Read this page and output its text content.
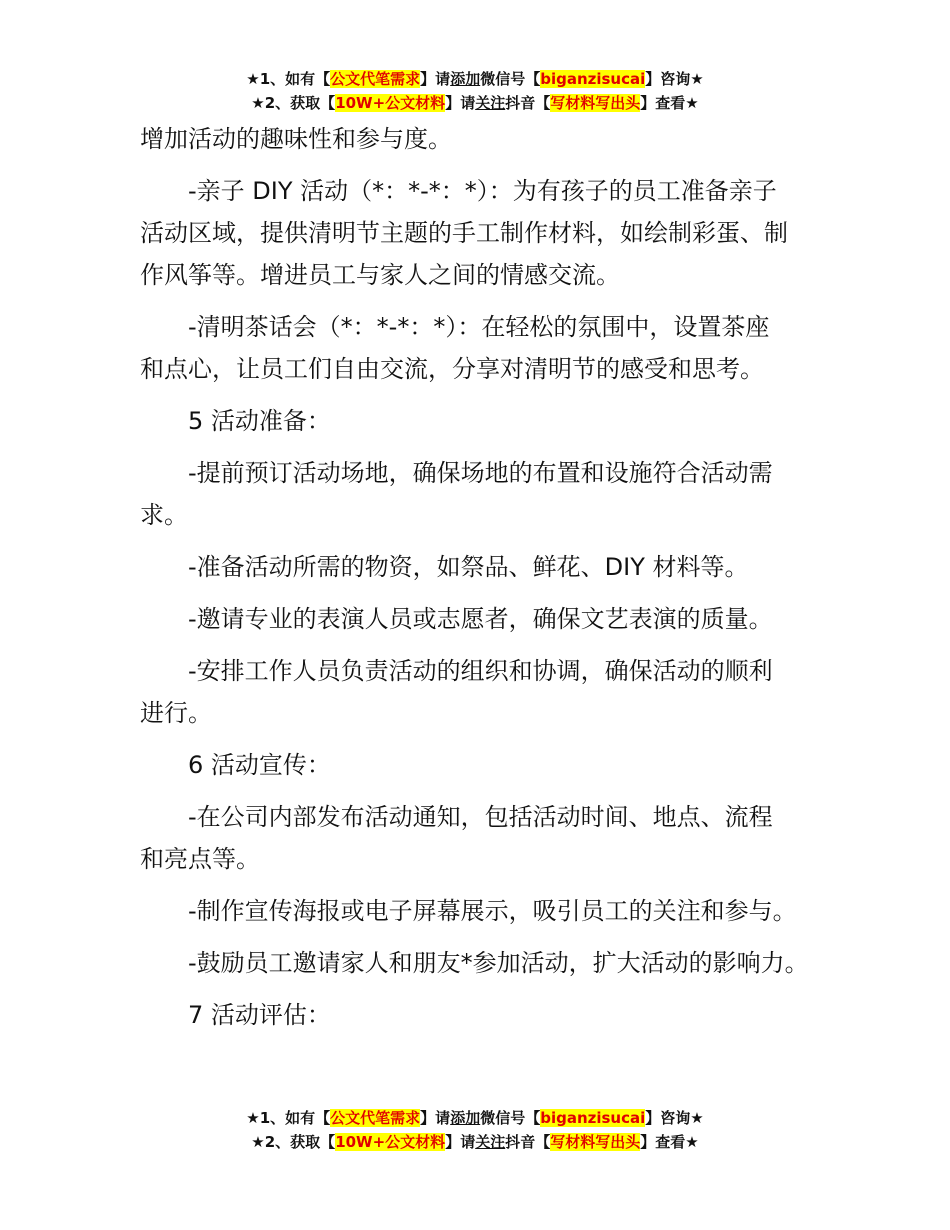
★1、如有【公文代笔需求】请添加微信号【biganzisucai】咨询★
★2、获取【10W+公文材料】请关注抖音【写材料写出头】查看★

增加活动的趣味性和参与度。

-亲子 DIY 活动（*：*-*：*）：为有孩子的员工准备亲子
活动区域，提供清明节主题的手工制作材料，如绘制彩蛋、制
作风筝等。增进员工与家人之间的情感交流。

-清明茶话会（*：*-*：*）：在轻松的氛围中，设置茶座
和点心，让员工们自由交流，分享对清明节的感受和思考。

5 活动准备：

-提前预订活动场地，确保场地的布置和设施符合活动需
求。

-准备活动所需的物资，如祭品、鲜花、DIY 材料等。

-邀请专业的表演人员或志愿者，确保文艺表演的质量。

-安排工作人员负责活动的组织和协调，确保活动的顺利
进行。

6 活动宣传：

-在公司内部发布活动通知，包括活动时间、地点、流程
和亮点等。

-制作宣传海报或电子屏幕展示，吸引员工的关注和参与。

-鼓励员工邀请家人和朋友*参加活动，扩大活动的影响力。

7 活动评估：

★1、如有【公文代笔需求】请添加微信号【biganzisucai】咨询★
★2、获取【10W+公文材料】请关注抖音【写材料写出头】查看★
